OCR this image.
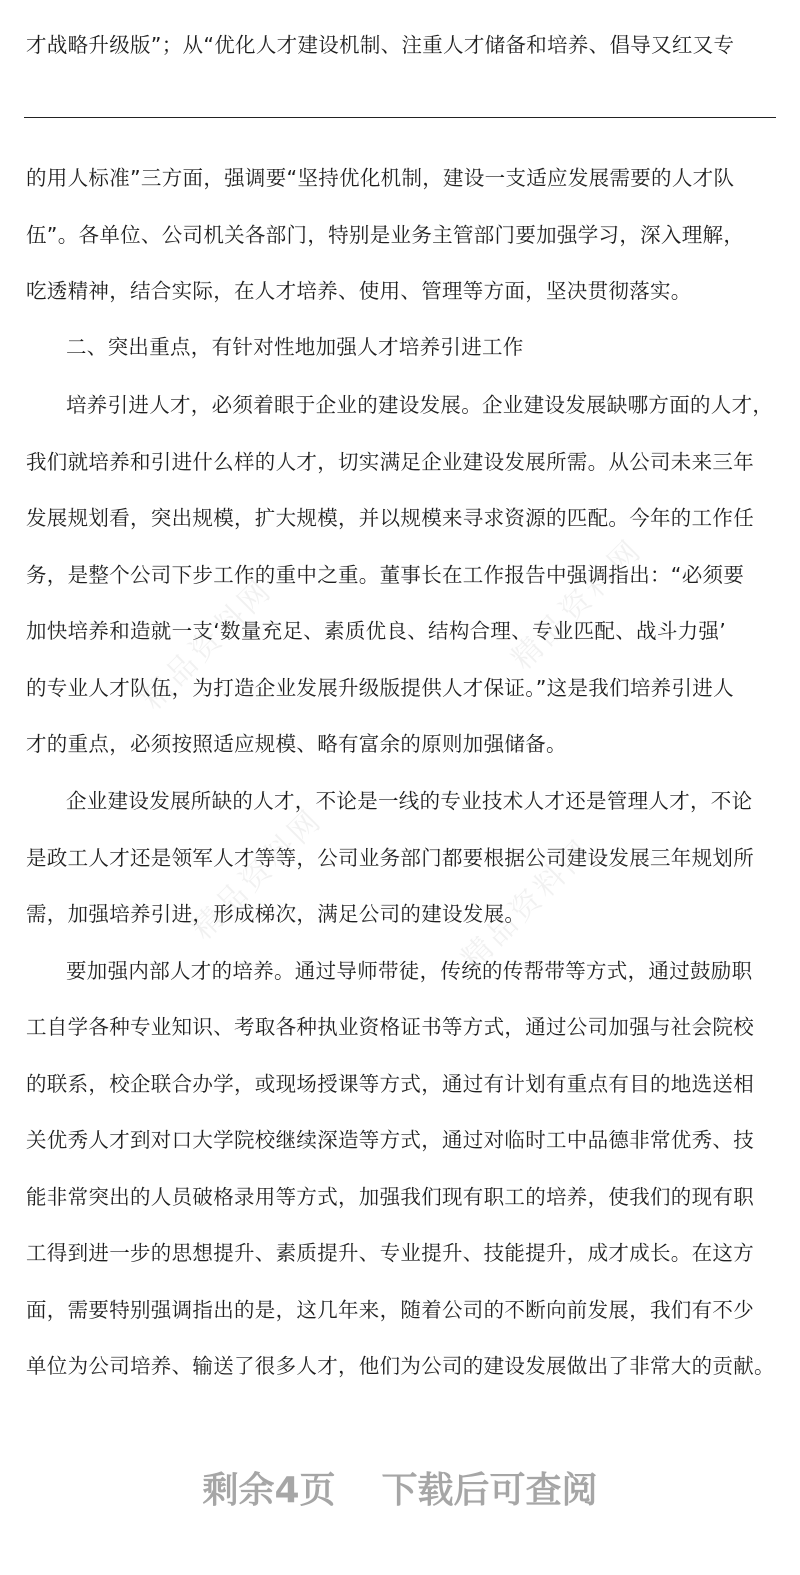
才战略升级版”；从“优化人才建设机制、注重人才储备和培养、倡导又红又专
的用人标准”三方面，强调要“坚持优化机制，建设一支适应发展需要的人才队
伍”。各单位、公司机关各部门，特别是业务主管部门要加强学习，深入理解，
吃透精神，结合实际，在人才培养、使用、管理等方面，坚决贯彻落实。
二、突出重点，有针对性地加强人才培养引进工作
培养引进人才，必须着眼于企业的建设发展。企业建设发展缺哪方面的人才，
我们就培养和引进什么样的人才，切实满足企业建设发展所需。从公司未来三年
发展规划看，突出规模，扩大规模，并以规模来寻求资源的匹配。今年的工作任
务，是整个公司下步工作的重中之重。董事长在工作报告中强调指出：“必须要
加快培养和造就一支‘数量充足、素质优良、结构合理、专业匹配、战斗力强’
的专业人才队伍，为打造企业发展升级版提供人才保证。”这是我们培养引进人
才的重点，必须按照适应规模、略有富余的原则加强储备。
企业建设发展所缺的人才，不论是一线的专业技术人才还是管理人才，不论
是政工人才还是领军人才等等，公司业务部门都要根据公司建设发展三年规划所
需，加强培养引进，形成梯次，满足公司的建设发展。
要加强内部人才的培养。通过导师带徒，传统的传帮带等方式，通过鼓励职
工自学各种专业知识、考取各种执业资格证书等方式，通过公司加强与社会院校
的联系，校企联合办学，或现场授课等方式，通过有计划有重点有目的地选送相
关优秀人才到对口大学院校继续深造等方式，通过对临时工中品德非常优秀、技
能非常突出的人员破格录用等方式，加强我们现有职工的培养，使我们的现有职
工得到进一步的思想提升、素质提升、专业提升、技能提升，成才成长。在这方
面，需要特别强调指出的是，这几年来，随着公司的不断向前发展，我们有不少
单位为公司培养、输送了很多人才，他们为公司的建设发展做出了非常大的贡献。
精品资料网	精品资料网
精品资料网	精品资料网
剩余4页 下载后可查阅
